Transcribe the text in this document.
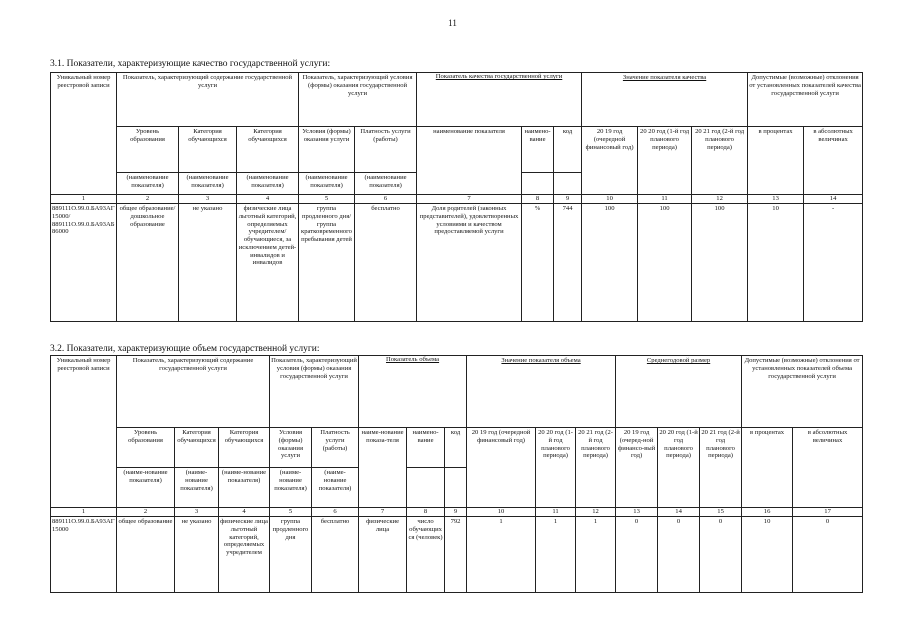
11
3.1. Показатели, характеризующие качество государственной услуги:
Уникальный номер реестровой записи	Показатель, характеризующий содержание государственной услуги			Показатель, характеризующий условия (формы) оказания государственной услуги		Показатель качества государственной услуги			Значение показателя качества			Допустимые (возможные) отклонения от установленных показателей качества государственной услуги	

	Уровень образования	Категория обучающихся	Категория обучающихся	Условия (формы) оказания услуги	Платность услуги (работы)	наименование показателя	наимено-вание	код	20 19 год (очередной финансовый год)	20 20 год (1-й год планового периода)	20 21 год (2-й год планового периода)	в процентах	в абсолютных величинах
	(наименование показателя)	(наименование показателя)	(наименование показателя)	(наименование показателя)	(наименование показателя)								
1	2	3	4	5	6	7	8	9	10	11	12	13	14
889111О.99.0.БА93АГ15000/ 889111О.99.0.БА93АБ86000	общее образование/ дошкольное образование	не указано	физические лица льготный категорий, определяемых учредителем/ обучающиеся, за исключением детей-инвалидов и инвалидов	группа продленного дня/ группа кратковременного пребывания детей	бесплатно	Доля родителей (законных представителей), удовлетворенных условиями и качеством предоставляемой услуги	%	744	100	100	100	10	-
3.2. Показатели, характеризующие объем государственной услуги:
Уникальный номер реестровой записи	Показатель, характеризующий содержание государственной услуги			Показатель, характеризующий условия (формы) оказания государственной услуги		Показатель объема			Значение показателя объема			Среднегодовой размер			Допустимые (возможные) отклонения от установленных показателей объема государственной услуги	
	Уровень образования	Категория обучающихся	Категория обучающихся	Условия (формы) оказания услуги	Платность услуги (работы)	наиме-нование показа-теля	наимено-вание	код	20 19 год (очередной финансовый год)	20 20 год (1-й год планового периода)	20 21 год (2-й год планового периода)	20 19 год (очеред-ной финансо-вый год)	20 20 год (1-й год планового периода)	20 21 год (2-й год планового периода)	в процентах	в абсолютных величинах
	(наиме-нование показателя)	(наиме-нование показателя)	(наиме-нование показателя)	(наиме-нование показателя)	(наиме-нование показателя)											
1	2	3	4	5	6	7	8	9	10	11	12	13	14	15	16	17
889111О.99.0.БА93АГ15000	общее образование	не указано	физические лица льготный категорий, определяемых учредителем	группа продленного дня	бесплатно	физические лица	число обучающихся (человек)	792	1	1	1	0	0	0	10	0
